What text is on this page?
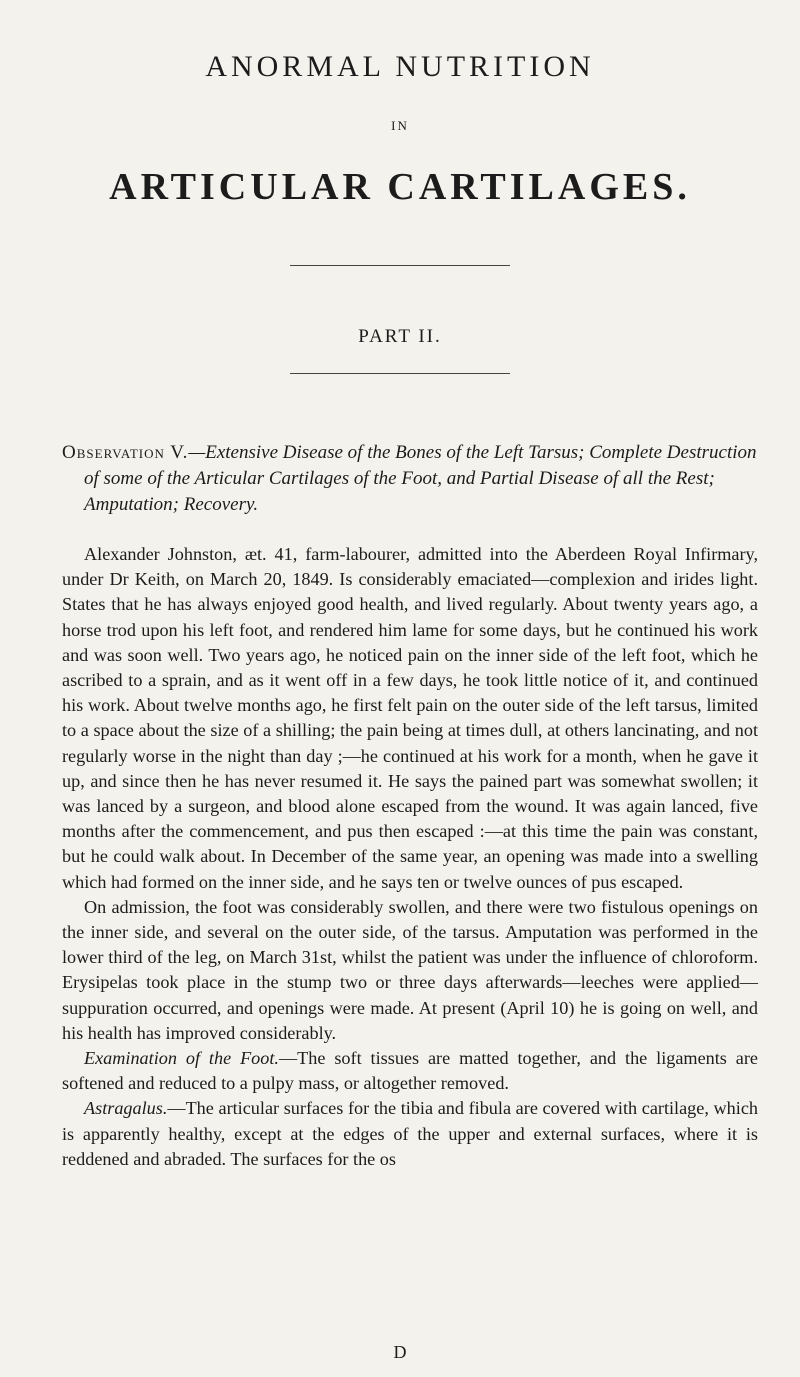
ANORMAL NUTRITION
IN
ARTICULAR CARTILAGES.
PART II.
Observation V.—Extensive Disease of the Bones of the Left Tarsus; Complete Destruction of some of the Articular Cartilages of the Foot, and Partial Disease of all the Rest; Amputation; Recovery.

Alexander Johnston, æt. 41, farm-labourer, admitted into the Aberdeen Royal Infirmary, under Dr Keith, on March 20, 1849. Is considerably emaciated—complexion and irides light. States that he has always enjoyed good health, and lived regularly. About twenty years ago, a horse trod upon his left foot, and rendered him lame for some days, but he continued his work and was soon well. Two years ago, he noticed pain on the inner side of the left foot, which he ascribed to a sprain, and as it went off in a few days, he took little notice of it, and continued his work. About twelve months ago, he first felt pain on the outer side of the left tarsus, limited to a space about the size of a shilling; the pain being at times dull, at others lancinating, and not regularly worse in the night than day ;—he continued at his work for a month, when he gave it up, and since then he has never resumed it. He says the pained part was somewhat swollen; it was lanced by a surgeon, and blood alone escaped from the wound. It was again lanced, five months after the commencement, and pus then escaped :—at this time the pain was constant, but he could walk about. In December of the same year, an opening was made into a swelling which had formed on the inner side, and he says ten or twelve ounces of pus escaped.

On admission, the foot was considerably swollen, and there were two fistulous openings on the inner side, and several on the outer side, of the tarsus. Amputation was performed in the lower third of the leg, on March 31st, whilst the patient was under the influence of chloroform. Erysipelas took place in the stump two or three days afterwards—leeches were applied—suppuration occurred, and openings were made. At present (April 10) he is going on well, and his health has improved considerably.

Examination of the Foot.—The soft tissues are matted together, and the ligaments are softened and reduced to a pulpy mass, or altogether removed.

Astragalus.—The articular surfaces for the tibia and fibula are covered with cartilage, which is apparently healthy, except at the edges of the upper and external surfaces, where it is reddened and abraded. The surfaces for the os

D
